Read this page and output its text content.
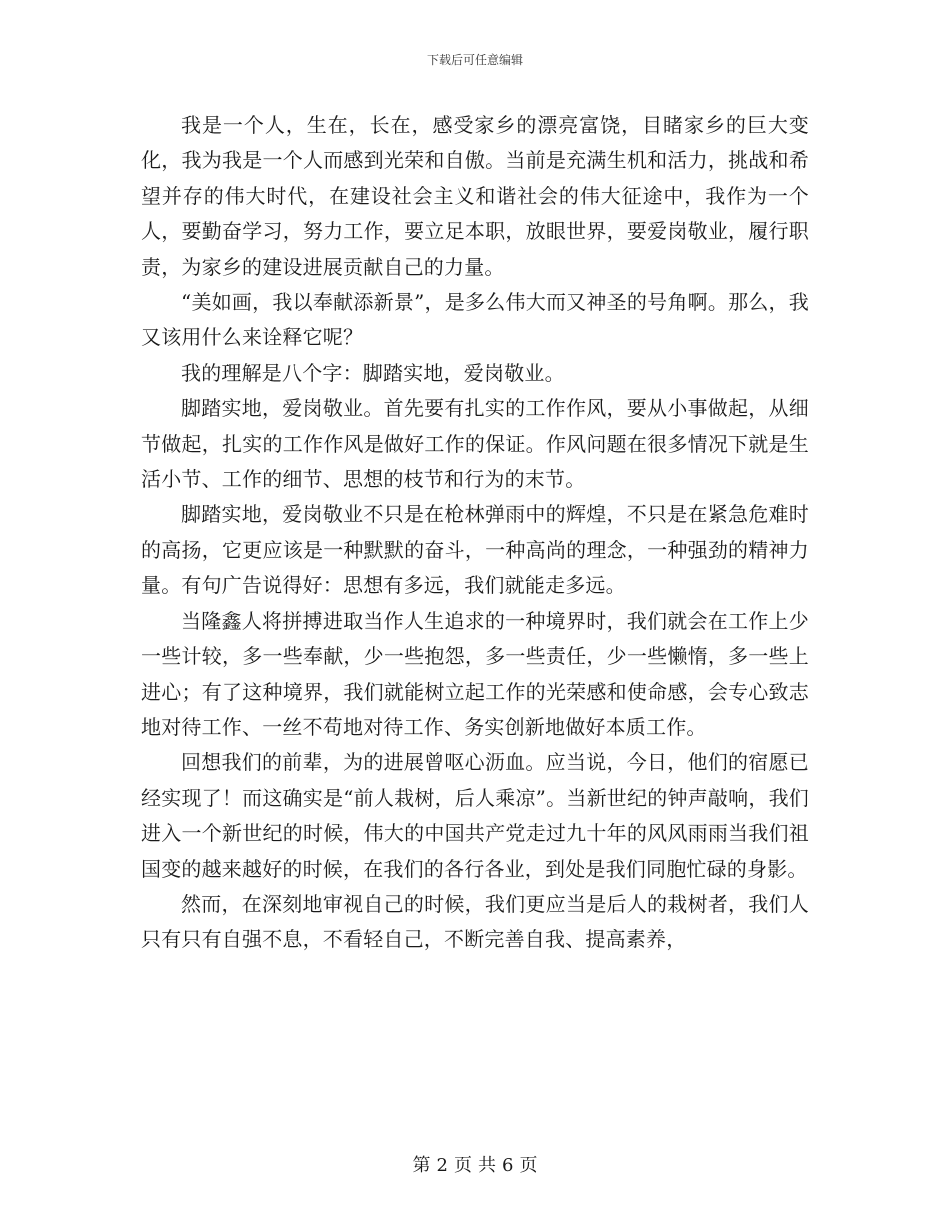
下载后可任意编辑

我是一个人，生在，长在，感受家乡的漂亮富饶，目睹家乡的巨大变化，我为我是一个人而感到光荣和自傲。当前是充满生机和活力，挑战和希望并存的伟大时代，在建设社会主义和谐社会的伟大征途中，我作为一个人，要勤奋学习，努力工作，要立足本职，放眼世界，要爱岗敬业，履行职责，为家乡的建设进展贡献自己的力量。

“美如画，我以奉献添新景”，是多么伟大而又神圣的号角啊。那么，我又该用什么来诠释它呢？

我的理解是八个字：脚踏实地，爱岗敬业。

脚踏实地，爱岗敬业。首先要有扎实的工作作风，要从小事做起，从细节做起，扎实的工作作风是做好工作的保证。作风问题在很多情况下就是生活小节、工作的细节、思想的枝节和行为的末节。

脚踏实地，爱岗敬业不只是在枪林弹雨中的辉煌，不只是在紧急危难时的高扬，它更应该是一种默默的奋斗，一种高尚的理念，一种强劲的精神力量。有句广告说得好：思想有多远，我们就能走多远。

当隆鑫人将拼搏进取当作人生追求的一种境界时，我们就会在工作上少一些计较，多一些奉献，少一些抱怨，多一些责任，少一些懒惰，多一些上进心；有了这种境界，我们就能树立起工作的光荣感和使命感，会专心致志地对待工作、一丝不苟地对待工作、务实创新地做好本质工作。

回想我们的前辈，为的进展曾呕心沥血。应当说，今日，他们的宿愿已经实现了！而这确实是“前人栽树，后人乘凉”。当新世纪的钟声敲响，我们进入一个新世纪的时候，伟大的中国共产党走过九十年的风风雨雨当我们祖国变的越来越好的时候，在我们的各行各业，到处是我们同胞忙碌的身影。

然而，在深刻地审视自己的时候，我们更应当是后人的栽树者，我们人只有只有自强不息，不看轻自己，不断完善自我、提高素养，

第 2 页 共 6 页
